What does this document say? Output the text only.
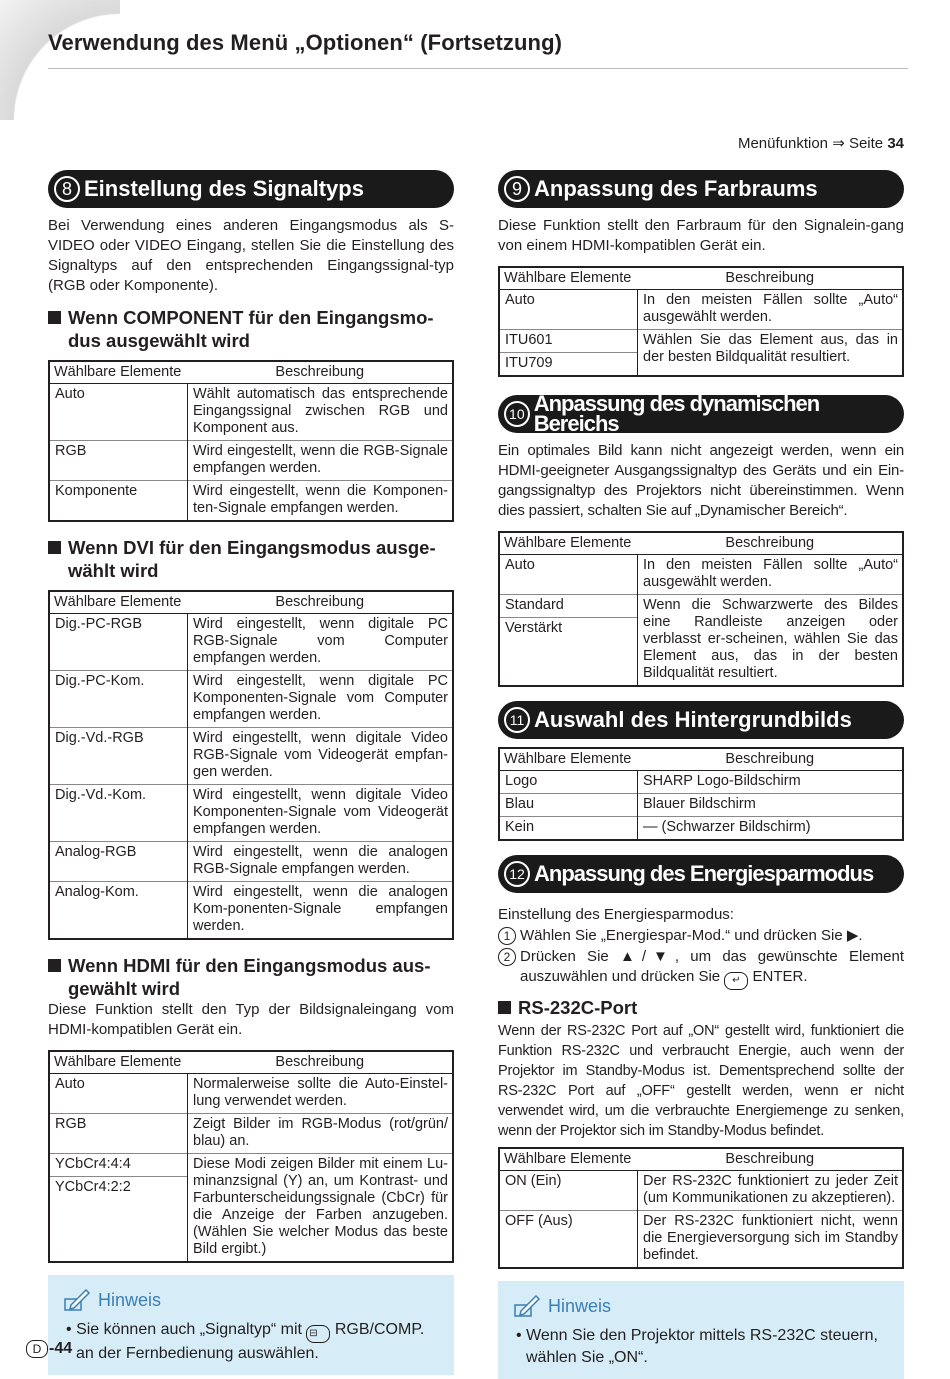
Verwendung des Menü „Optionen“ (Fortsetzung)
Menüfunktion ⇒ Seite 34
8 Einstellung des Signaltyps

Bei Verwendung eines anderen Eingangsmodus als S-VIDEO oder VIDEO Eingang, stellen Sie die Einstellung des Signaltyps auf den entsprechenden Eingangssignal-typ (RGB oder Komponente).

Wenn COMPONENT für den Eingangsmo-dus ausgewählt wird
Wählbare Elemente	Beschreibung
Auto	Wählt automatisch das entsprechende Eingangssignal zwischen RGB und Komponent aus.
RGB	Wird eingestellt, wenn die RGB-Signale empfangen werden.
Komponente	Wird eingestellt, wenn die Komponen-ten-Signale empfangen werden.
Wenn DVI für den Eingangsmodus ausge-wählt wird
Wählbare Elemente	Beschreibung
Dig.-PC-RGB	Wird eingestellt, wenn digitale PC RGB-Signale vom Computer empfangen werden.
Dig.-PC-Kom.	Wird eingestellt, wenn digitale PC Komponenten-Signale vom Computer empfangen werden.
Dig.-Vd.-RGB	Wird eingestellt, wenn digitale Video RGB-Signale vom Videogerät empfan-gen werden.
Dig.-Vd.-Kom.	Wird eingestellt, wenn digitale Video Komponenten-Signale vom Videogerät empfangen werden.
Analog-RGB	Wird eingestellt, wenn die analogen RGB-Signale empfangen werden.
Analog-Kom.	Wird eingestellt, wenn die analogen Kom-ponenten-Signale empfangen werden.
Wenn HDMI für den Eingangsmodus aus-gewählt wird

Diese Funktion stellt den Typ der Bildsignaleingang vom HDMI-kompatiblen Gerät ein.

Wählbare Elemente	Beschreibung
Auto	Normalerweise sollte die Auto-Einstel-lung verwendet werden.
RGB	Zeigt Bilder im RGB-Modus (rot/grün/ blau) an.

YCbCr4:4:4
YCbCr4:2:2	Diese Modi zeigen Bilder mit einem Lu-minanzsignal (Y) an, um Kontrast- und Farbunterscheidungssignale (CbCr) für die Anzeige der Farben anzugeben. (Wählen Sie welcher Modus das beste Bild ergibt.)
Hinweis
• Sie können auch „Signaltyp“ mit ⊟ RGB/COMP. an der Fernbedienung auswählen.
9 Anpassung des Farbraums

Diese Funktion stellt den Farbraum für den Signalein-gang von einem HDMI-kompatiblen Gerät ein.

Wählbare Elemente	Beschreibung
Auto	In den meisten Fällen sollte „Auto“ ausgewählt werden.

ITU601
ITU709	Wählen Sie das Element aus, das in der besten Bildqualität resultiert.
10 Anpassung des dynamischen Bereichs

Ein optimales Bild kann nicht angezeigt werden, wenn ein HDMI-geeigneter Ausgangssignaltyp des Geräts und ein Ein-gangssignaltyp des Projektors nicht übereinstimmen. Wenn dies passiert, schalten Sie auf „Dynamischer Bereich“.

Wählbare Elemente	Beschreibung
Auto	In den meisten Fällen sollte „Auto“ ausgewählt werden.

Standard
Verstärkt	Wenn die Schwarzwerte des Bildes eine Randleiste anzeigen oder verblasst er-scheinen, wählen Sie das Element aus, das in der besten Bildqualität resultiert.
11 Auswahl des Hintergrundbilds
Wählbare Elemente	Beschreibung
Logo	SHARP Logo-Bildschirm
Blau	Blauer Bildschirm
Kein	— (Schwarzer Bildschirm)
12 Anpassung des Energiesparmodus

Einstellung des Energiesparmodus:

1 Wählen Sie „Energiespar-Mod.“ und drücken Sie ▶.
2 Drücken Sie ▲/▼, um das gewünschte Element auszuwählen und drücken Sie ↵ ENTER.
RS-232C-Port

Wenn der RS-232C Port auf „ON“ gestellt wird, funktioniert die Funktion RS-232C und verbraucht Energie, auch wenn der Projektor im Standby-Modus ist. Dementsprechend sollte der RS-232C Port auf „OFF“ gestellt werden, wenn er nicht verwendet wird, um die verbrauchte Energiemenge zu senken, wenn der Projektor sich im Standby-Modus befindet.

Wählbare Elemente	Beschreibung
ON (Ein)	Der RS-232C funktioniert zu jeder Zeit (um Kommunikationen zu akzeptieren).
OFF (Aus)	Der RS-232C funktioniert nicht, wenn die Energieversorgung sich im Standby befindet.
Hinweis
• Wenn Sie den Projektor mittels RS-232C steuern, wählen Sie „ON“.
D -44
